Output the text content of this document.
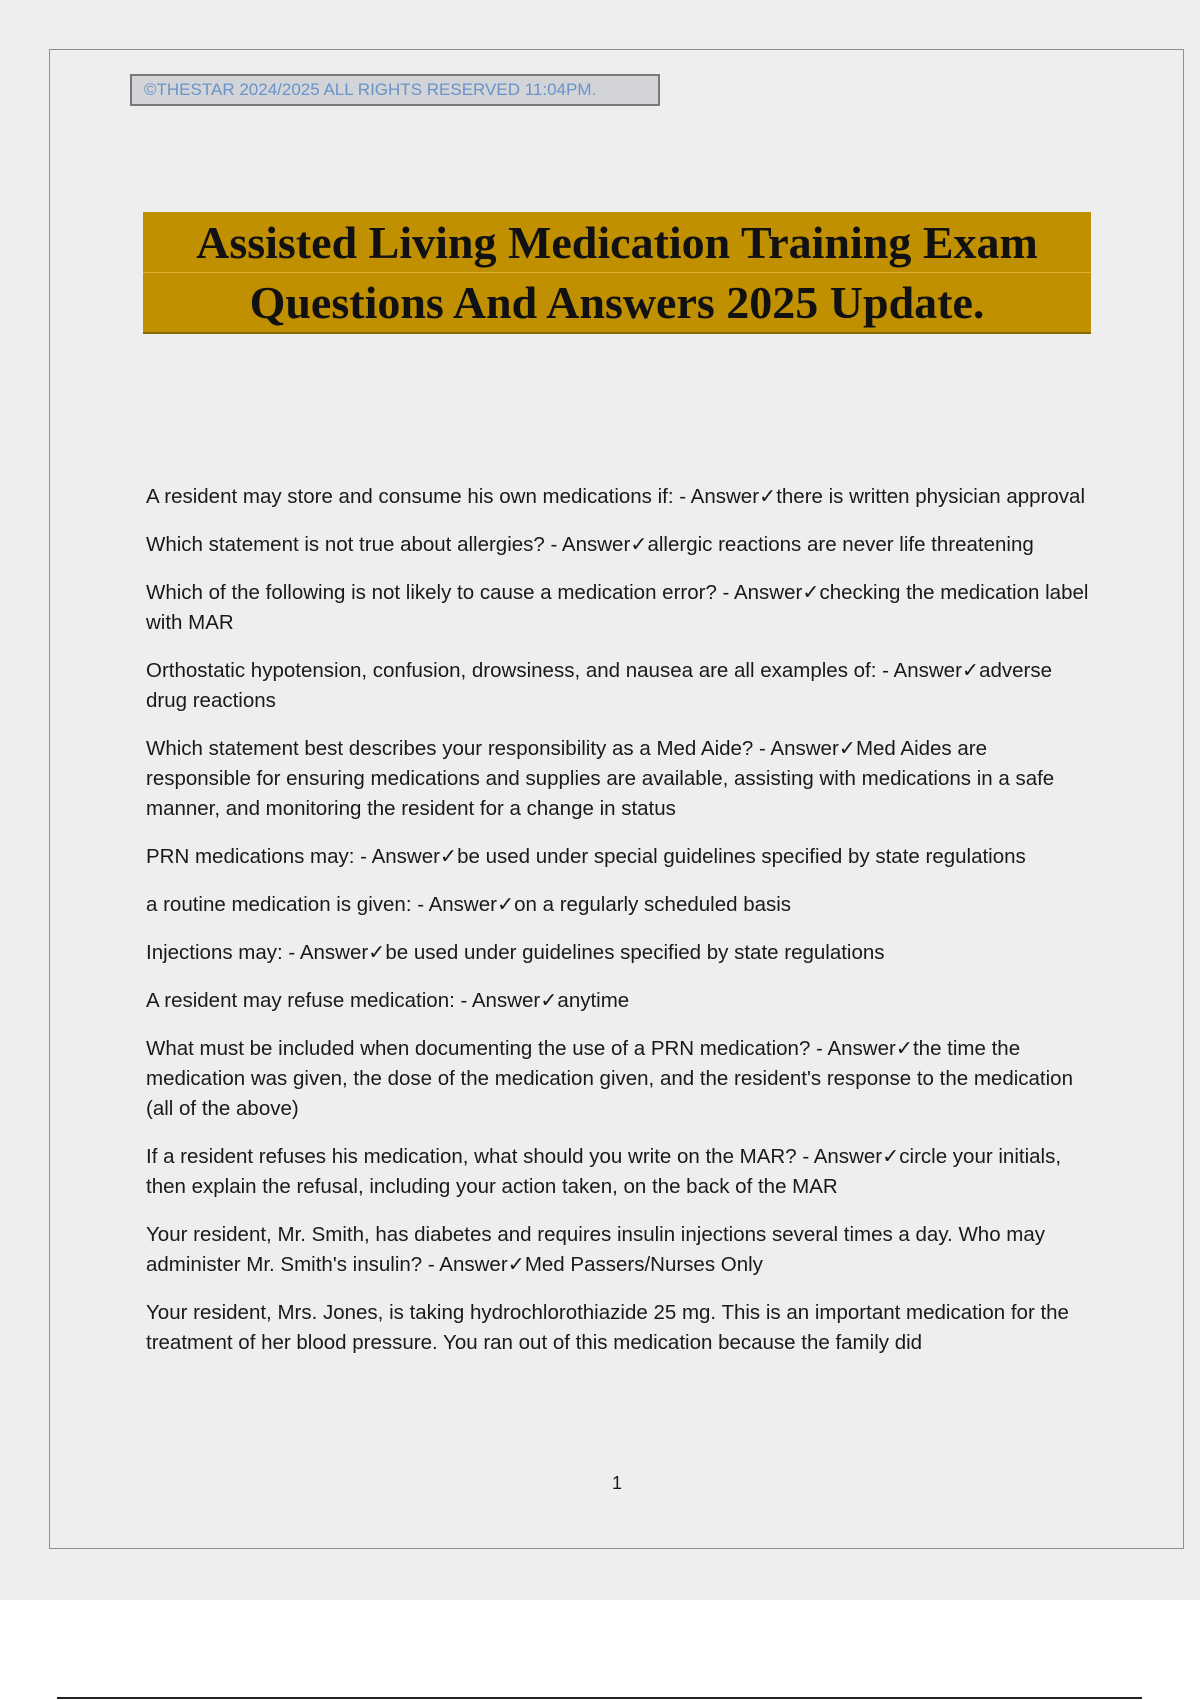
©THESTAR 2024/2025 ALL RIGHTS RESERVED 11:04PM.
Assisted Living Medication Training Exam
Questions And Answers 2025 Update.
A resident may store and consume his own medications if: - Answer✓there is written physician approval
Which statement is not true about allergies? - Answer✓allergic reactions are never life threatening
Which of the following is not likely to cause a medication error? - Answer✓checking the medication label with MAR
Orthostatic hypotension, confusion, drowsiness, and nausea are all examples of: - Answer✓adverse drug reactions
Which statement best describes your responsibility as a Med Aide? - Answer✓Med Aides are responsible for ensuring medications and supplies are available, assisting with medications in a safe manner, and monitoring the resident for a change in status
PRN medications may: - Answer✓be used under special guidelines specified by state regulations
a routine medication is given: - Answer✓on a regularly scheduled basis
Injections may: - Answer✓be used under guidelines specified by state regulations
A resident may refuse medication: - Answer✓anytime
What must be included when documenting the use of a PRN medication? - Answer✓the time the medication was given, the dose of the medication given, and the resident's response to the medication (all of the above)
If a resident refuses his medication, what should you write on the MAR? - Answer✓circle your initials, then explain the refusal, including your action taken, on the back of the MAR
Your resident, Mr. Smith, has diabetes and requires insulin injections several times a day. Who may administer Mr. Smith's insulin? - Answer✓Med Passers/Nurses Only
Your resident, Mrs. Jones, is taking hydrochlorothiazide 25 mg. This is an important medication for the treatment of her blood pressure. You ran out of this medication because the family did
1
